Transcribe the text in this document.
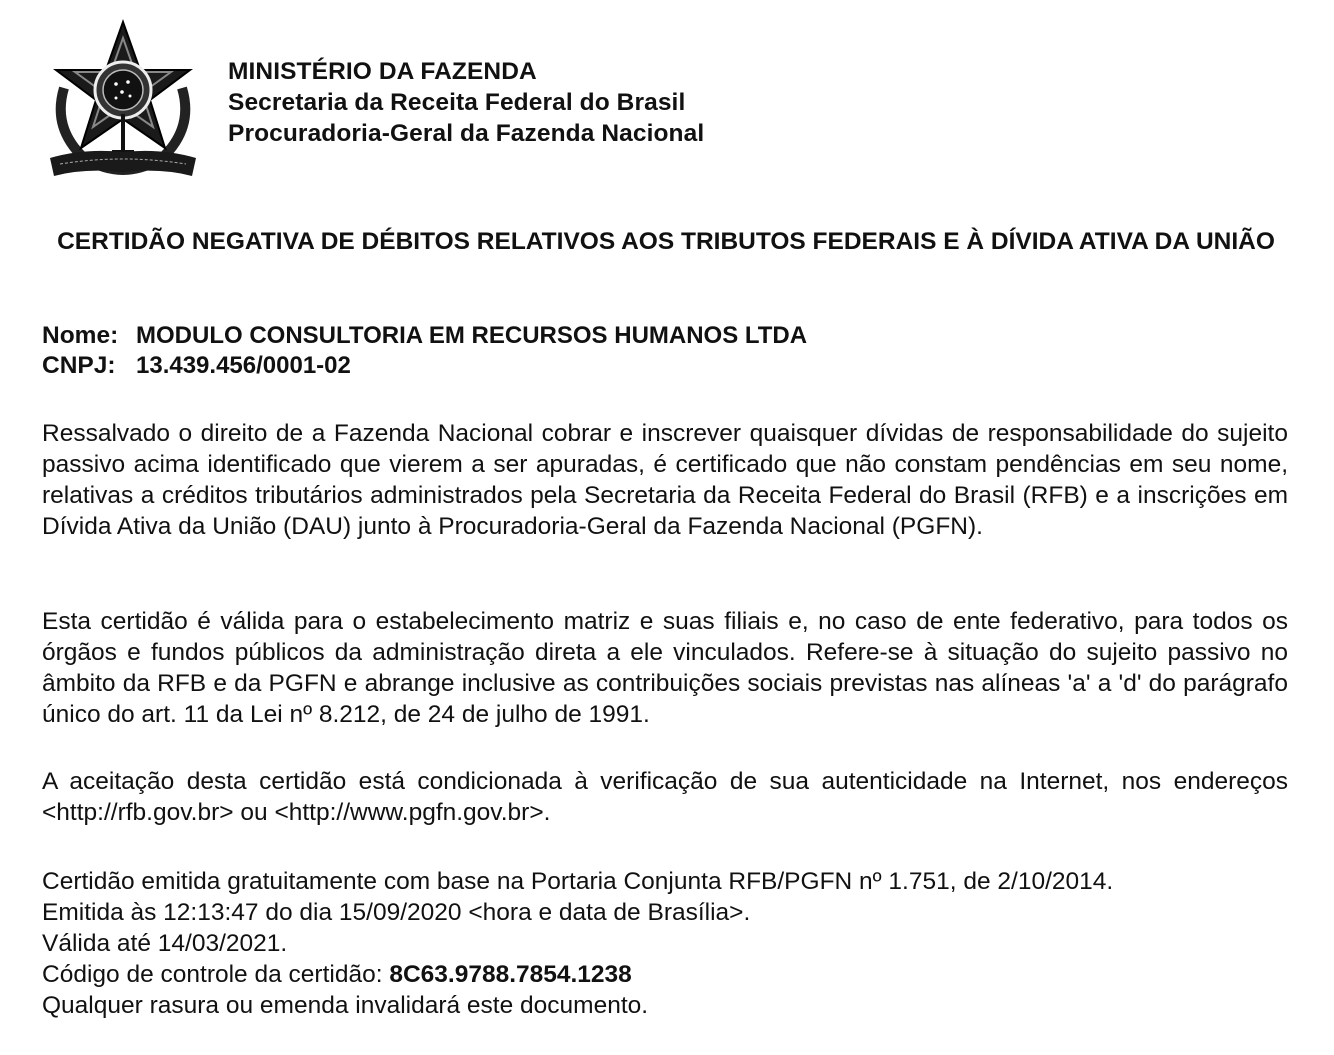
MINISTÉRIO DA FAZENDA
Secretaria da Receita Federal do Brasil
Procuradoria-Geral da Fazenda Nacional
CERTIDÃO NEGATIVA DE DÉBITOS RELATIVOS AOS TRIBUTOS FEDERAIS E À DÍVIDA ATIVA DA UNIÃO
Nome: MODULO CONSULTORIA EM RECURSOS HUMANOS LTDA
CNPJ: 13.439.456/0001-02

Ressalvado o direito de a Fazenda Nacional cobrar e inscrever quaisquer dívidas de responsabilidade do sujeito passivo acima identificado que vierem a ser apuradas, é certificado que não constam pendências em seu nome, relativas a créditos tributários administrados pela Secretaria da Receita Federal do Brasil (RFB) e a inscrições em Dívida Ativa da União (DAU) junto à Procuradoria-Geral da Fazenda Nacional (PGFN).

Esta certidão é válida para o estabelecimento matriz e suas filiais e, no caso de ente federativo, para todos os órgãos e fundos públicos da administração direta a ele vinculados. Refere-se à situação do sujeito passivo no âmbito da RFB e da PGFN e abrange inclusive as contribuições sociais previstas nas alíneas 'a' a 'd' do parágrafo único do art. 11 da Lei nº 8.212, de 24 de julho de 1991.

A aceitação desta certidão está condicionada à verificação de sua autenticidade na Internet, nos endereços <http://rfb.gov.br> ou <http://www.pgfn.gov.br>.

Certidão emitida gratuitamente com base na Portaria Conjunta RFB/PGFN nº 1.751, de 2/10/2014.
Emitida às 12:13:47 do dia 15/09/2020 <hora e data de Brasília>.
Válida até 14/03/2021.
Código de controle da certidão: 8C63.9788.7854.1238
Qualquer rasura ou emenda invalidará este documento.
